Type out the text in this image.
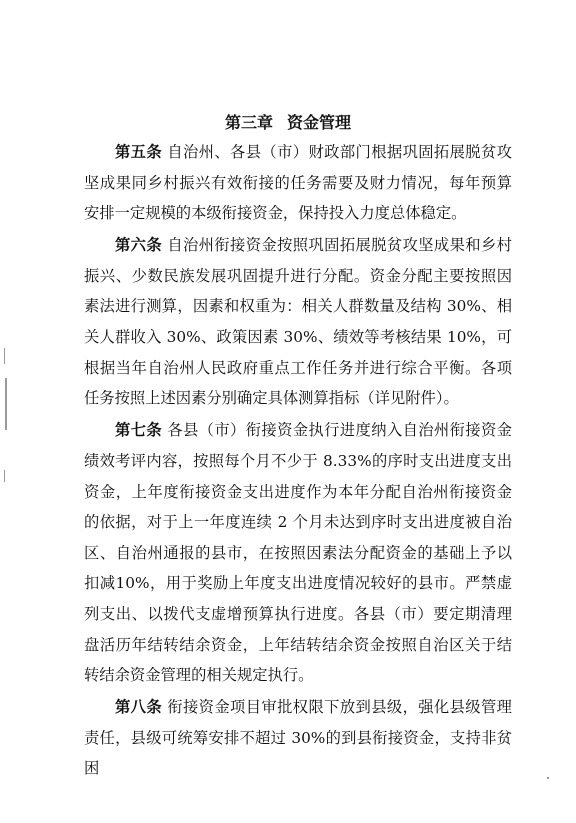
第三章 资金管理

第五条 自治州、各县（市）财政部门根据巩固拓展脱贫攻坚成果同乡村振兴有效衔接的任务需要及财力情况，每年预算安排一定规模的本级衔接资金，保持投入力度总体稳定。

第六条 自治州衔接资金按照巩固拓展脱贫攻坚成果和乡村振兴、少数民族发展巩固提升进行分配。资金分配主要按照因素法进行测算，因素和权重为：相关人群数量及结构 30%、相关人群收入 30%、政策因素 30%、绩效等考核结果 10%，可根据当年自治州人民政府重点工作任务并进行综合平衡。各项任务按照上述因素分别确定具体测算指标（详见附件）。

第七条 各县（市）衔接资金执行进度纳入自治州衔接资金绩效考评内容，按照每个月不少于 8.33%的序时支出进度支出资金，上年度衔接资金支出进度作为本年分配自治州衔接资金的依据，对于上一年度连续 2 个月未达到序时支出进度被自治区、自治州通报的县市，在按照因素法分配资金的基础上予以扣减10%，用于奖励上年度支出进度情况较好的县市。严禁虚列支出、以拨代支虚增预算执行进度。各县（市）要定期清理盘活历年结转结余资金，上年结转结余资金按照自治区关于结转结余资金管理的相关规定执行。

第八条 衔接资金项目审批权限下放到县级，强化县级管理责任，县级可统筹安排不超过 30%的到县衔接资金，支持非贫困
